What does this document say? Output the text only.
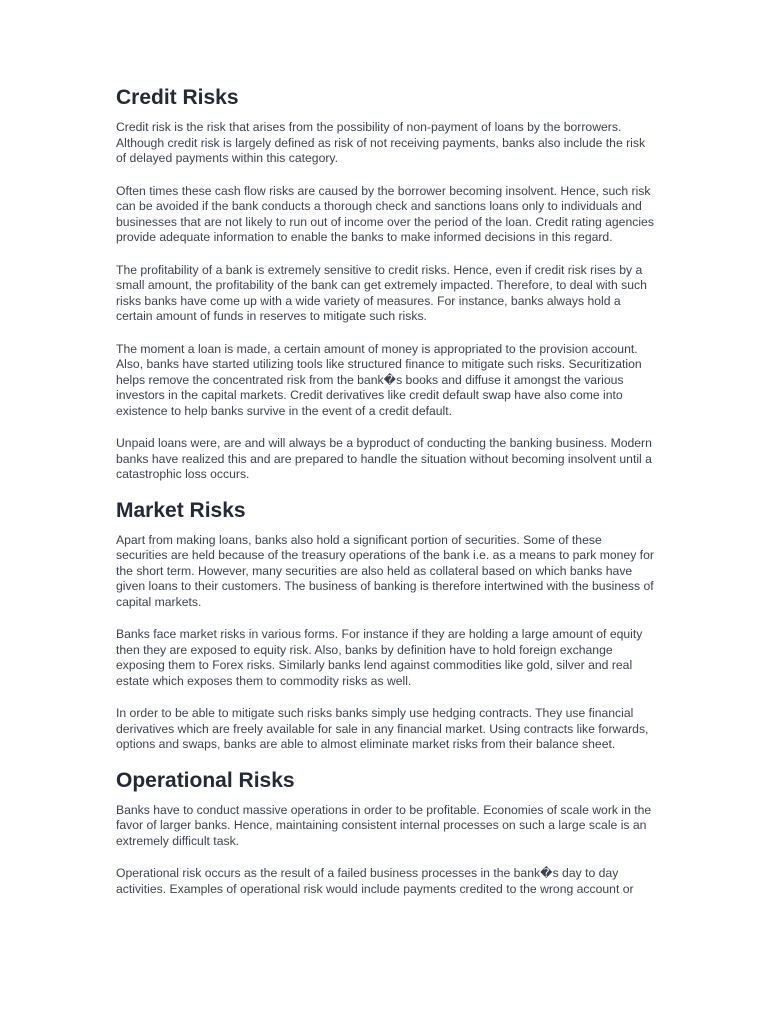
Credit Risks

Credit risk is the risk that arises from the possibility of non-payment of loans by the borrowers. Although credit risk is largely defined as risk of not receiving payments, banks also include the risk of delayed payments within this category.

Often times these cash flow risks are caused by the borrower becoming insolvent. Hence, such risk can be avoided if the bank conducts a thorough check and sanctions loans only to individuals and businesses that are not likely to run out of income over the period of the loan. Credit rating agencies provide adequate information to enable the banks to make informed decisions in this regard.

The profitability of a bank is extremely sensitive to credit risks. Hence, even if credit risk rises by a small amount, the profitability of the bank can get extremely impacted. Therefore, to deal with such risks banks have come up with a wide variety of measures. For instance, banks always hold a certain amount of funds in reserves to mitigate such risks.

The moment a loan is made, a certain amount of money is appropriated to the provision account. Also, banks have started utilizing tools like structured finance to mitigate such risks. Securitization helps remove the concentrated risk from the bank�s books and diffuse it amongst the various investors in the capital markets. Credit derivatives like credit default swap have also come into existence to help banks survive in the event of a credit default.

Unpaid loans were, are and will always be a byproduct of conducting the banking business. Modern banks have realized this and are prepared to handle the situation without becoming insolvent until a catastrophic loss occurs.

Market Risks

Apart from making loans, banks also hold a significant portion of securities. Some of these securities are held because of the treasury operations of the bank i.e. as a means to park money for the short term. However, many securities are also held as collateral based on which banks have given loans to their customers. The business of banking is therefore intertwined with the business of capital markets.

Banks face market risks in various forms. For instance if they are holding a large amount of equity then they are exposed to equity risk. Also, banks by definition have to hold foreign exchange exposing them to Forex risks. Similarly banks lend against commodities like gold, silver and real estate which exposes them to commodity risks as well.

In order to be able to mitigate such risks banks simply use hedging contracts. They use financial derivatives which are freely available for sale in any financial market. Using contracts like forwards, options and swaps, banks are able to almost eliminate market risks from their balance sheet.

Operational Risks

Banks have to conduct massive operations in order to be profitable. Economies of scale work in the favor of larger banks. Hence, maintaining consistent internal processes on such a large scale is an extremely difficult task.

Operational risk occurs as the result of a failed business processes in the bank�s day to day activities. Examples of operational risk would include payments credited to the wrong account or
